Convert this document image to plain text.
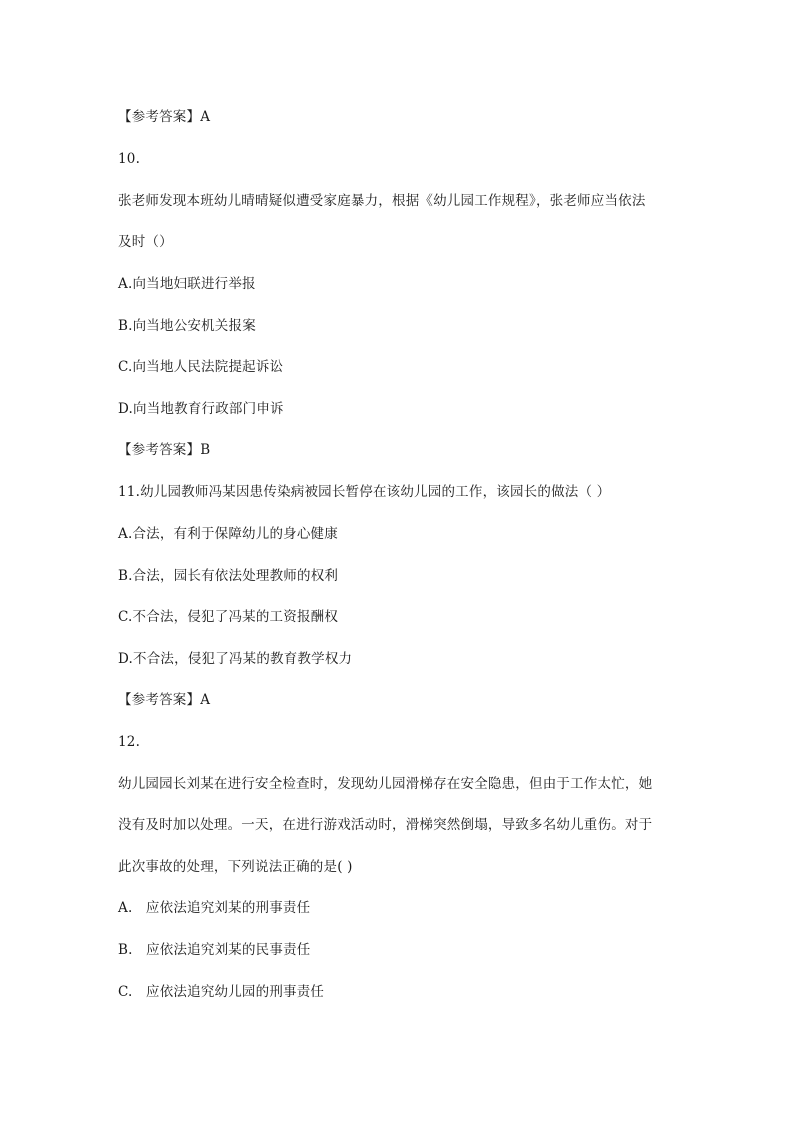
【参考答案】A
10.
张老师发现本班幼儿晴晴疑似遭受家庭暴力，根据《幼儿园工作规程》，张老师应当依法
及时（）
A.向当地妇联进行举报
B.向当地公安机关报案
C.向当地人民法院提起诉讼
D.向当地教育行政部门申诉
【参考答案】B
11.幼儿园教师冯某因患传染病被园长暂停在该幼儿园的工作，该园长的做法（ ）
A.合法，有利于保障幼儿的身心健康
B.合法，园长有依法处理教师的权利
C.不合法，侵犯了冯某的工资报酬权
D.不合法，侵犯了冯某的教育教学权力
【参考答案】A
12.
幼儿园园长刘某在进行安全检查时，发现幼儿园滑梯存在安全隐患，但由于工作太忙，她
没有及时加以处理。一天，在进行游戏活动时，滑梯突然倒塌，导致多名幼儿重伤。对于
此次事故的处理，下列说法正确的是( )
A.   应依法追究刘某的刑事责任
B.   应依法追究刘某的民事责任
C.   应依法追究幼儿园的刑事责任
